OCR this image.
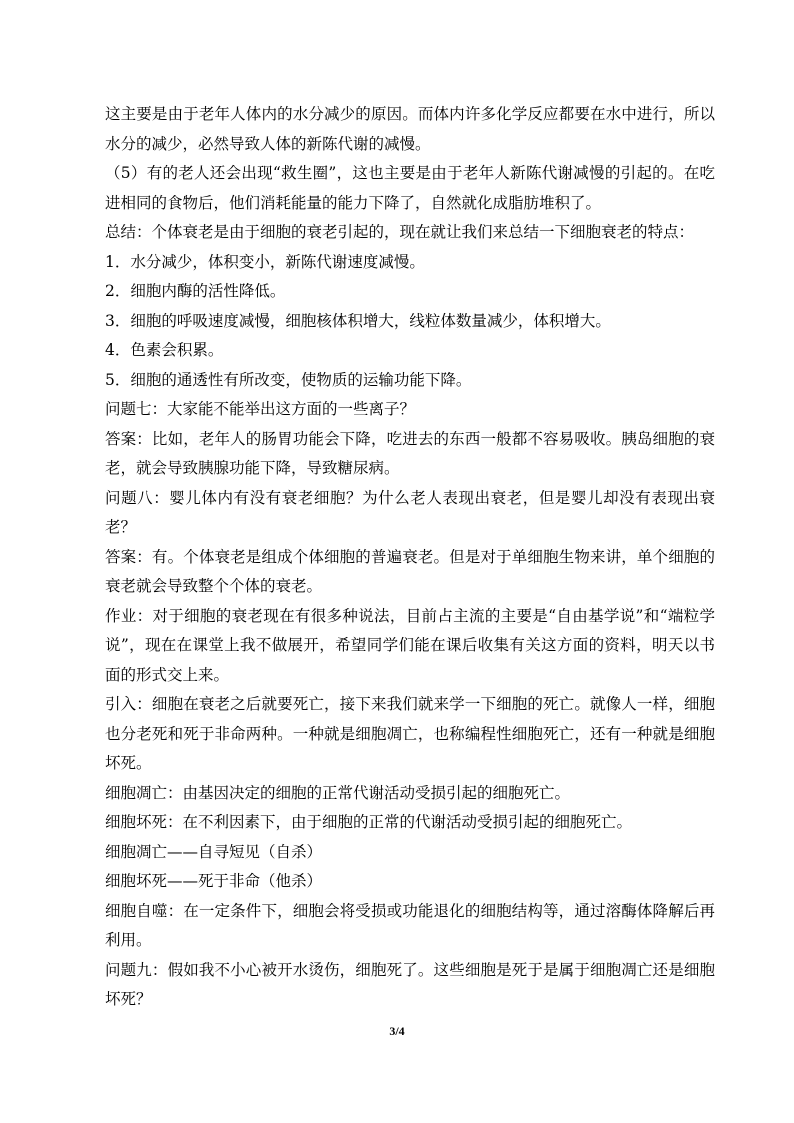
这主要是由于老年人体内的水分减少的原因。而体内许多化学反应都要在水中进行，所以水分的减少，必然导致人体的新陈代谢的减慢。

（5）有的老人还会出现“救生圈”，这也主要是由于老年人新陈代谢减慢的引起的。在吃进相同的食物后，他们消耗能量的能力下降了，自然就化成脂肪堆积了。

总结：个体衰老是由于细胞的衰老引起的，现在就让我们来总结一下细胞衰老的特点：

1．水分减少，体积变小，新陈代谢速度减慢。

2．细胞内酶的活性降低。

3．细胞的呼吸速度减慢，细胞核体积增大，线粒体数量减少，体积增大。

4．色素会积累。

5．细胞的通透性有所改变，使物质的运输功能下降。

问题七：大家能不能举出这方面的一些离子？

答案：比如，老年人的肠胃功能会下降，吃进去的东西一般都不容易吸收。胰岛细胞的衰老，就会导致胰腺功能下降，导致糖尿病。

问题八：婴儿体内有没有衰老细胞？为什么老人表现出衰老，但是婴儿却没有表现出衰老？

答案：有。个体衰老是组成个体细胞的普遍衰老。但是对于单细胞生物来讲，单个细胞的衰老就会导致整个个体的衰老。

作业：对于细胞的衰老现在有很多种说法，目前占主流的主要是“自由基学说”和“端粒学说”，现在在课堂上我不做展开，希望同学们能在课后收集有关这方面的资料，明天以书面的形式交上来。

引入：细胞在衰老之后就要死亡，接下来我们就来学一下细胞的死亡。就像人一样，细胞也分老死和死于非命两种。一种就是细胞凋亡，也称编程性细胞死亡，还有一种就是细胞坏死。

细胞凋亡：由基因决定的细胞的正常代谢活动受损引起的细胞死亡。

细胞坏死：在不利因素下，由于细胞的正常的代谢活动受损引起的细胞死亡。

细胞凋亡——自寻短见（自杀）

细胞坏死——死于非命（他杀）

细胞自噬：在一定条件下，细胞会将受损或功能退化的细胞结构等，通过溶酶体降解后再利用。

问题九：假如我不小心被开水烫伤，细胞死了。这些细胞是死于是属于细胞凋亡还是细胞坏死？

3/4
